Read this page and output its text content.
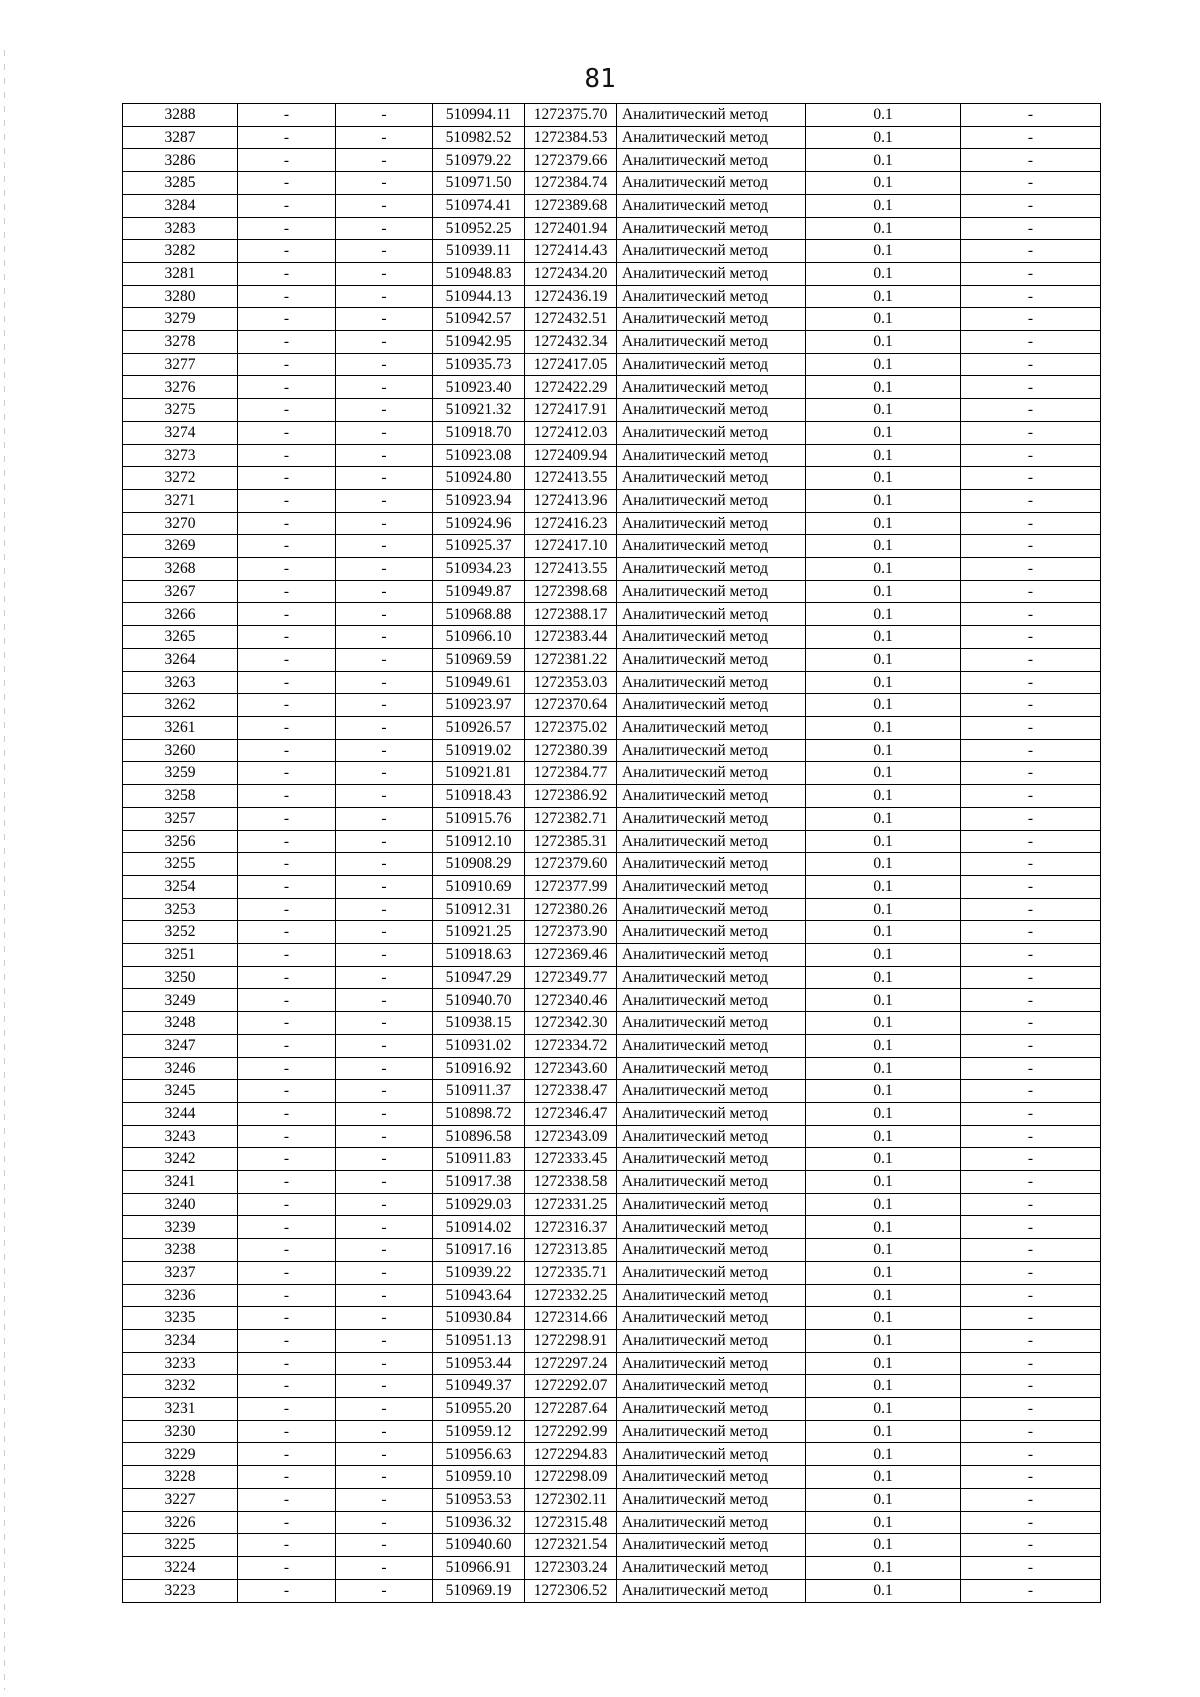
81
3288	-	-	510994.11	1272375.70	Аналитический метод	0.1	-
3287	-	-	510982.52	1272384.53	Аналитический метод	0.1	-
3286	-	-	510979.22	1272379.66	Аналитический метод	0.1	-
3285	-	-	510971.50	1272384.74	Аналитический метод	0.1	-
3284	-	-	510974.41	1272389.68	Аналитический метод	0.1	-
3283	-	-	510952.25	1272401.94	Аналитический метод	0.1	-
3282	-	-	510939.11	1272414.43	Аналитический метод	0.1	-
3281	-	-	510948.83	1272434.20	Аналитический метод	0.1	-
3280	-	-	510944.13	1272436.19	Аналитический метод	0.1	-
3279	-	-	510942.57	1272432.51	Аналитический метод	0.1	-
3278	-	-	510942.95	1272432.34	Аналитический метод	0.1	-
3277	-	-	510935.73	1272417.05	Аналитический метод	0.1	-
3276	-	-	510923.40	1272422.29	Аналитический метод	0.1	-
3275	-	-	510921.32	1272417.91	Аналитический метод	0.1	-
3274	-	-	510918.70	1272412.03	Аналитический метод	0.1	-
3273	-	-	510923.08	1272409.94	Аналитический метод	0.1	-
3272	-	-	510924.80	1272413.55	Аналитический метод	0.1	-
3271	-	-	510923.94	1272413.96	Аналитический метод	0.1	-
3270	-	-	510924.96	1272416.23	Аналитический метод	0.1	-
3269	-	-	510925.37	1272417.10	Аналитический метод	0.1	-
3268	-	-	510934.23	1272413.55	Аналитический метод	0.1	-
3267	-	-	510949.87	1272398.68	Аналитический метод	0.1	-
3266	-	-	510968.88	1272388.17	Аналитический метод	0.1	-
3265	-	-	510966.10	1272383.44	Аналитический метод	0.1	-
3264	-	-	510969.59	1272381.22	Аналитический метод	0.1	-
3263	-	-	510949.61	1272353.03	Аналитический метод	0.1	-
3262	-	-	510923.97	1272370.64	Аналитический метод	0.1	-
3261	-	-	510926.57	1272375.02	Аналитический метод	0.1	-
3260	-	-	510919.02	1272380.39	Аналитический метод	0.1	-
3259	-	-	510921.81	1272384.77	Аналитический метод	0.1	-
3258	-	-	510918.43	1272386.92	Аналитический метод	0.1	-
3257	-	-	510915.76	1272382.71	Аналитический метод	0.1	-
3256	-	-	510912.10	1272385.31	Аналитический метод	0.1	-
3255	-	-	510908.29	1272379.60	Аналитический метод	0.1	-
3254	-	-	510910.69	1272377.99	Аналитический метод	0.1	-
3253	-	-	510912.31	1272380.26	Аналитический метод	0.1	-
3252	-	-	510921.25	1272373.90	Аналитический метод	0.1	-
3251	-	-	510918.63	1272369.46	Аналитический метод	0.1	-
3250	-	-	510947.29	1272349.77	Аналитический метод	0.1	-
3249	-	-	510940.70	1272340.46	Аналитический метод	0.1	-
3248	-	-	510938.15	1272342.30	Аналитический метод	0.1	-
3247	-	-	510931.02	1272334.72	Аналитический метод	0.1	-
3246	-	-	510916.92	1272343.60	Аналитический метод	0.1	-
3245	-	-	510911.37	1272338.47	Аналитический метод	0.1	-
3244	-	-	510898.72	1272346.47	Аналитический метод	0.1	-
3243	-	-	510896.58	1272343.09	Аналитический метод	0.1	-
3242	-	-	510911.83	1272333.45	Аналитический метод	0.1	-
3241	-	-	510917.38	1272338.58	Аналитический метод	0.1	-
3240	-	-	510929.03	1272331.25	Аналитический метод	0.1	-
3239	-	-	510914.02	1272316.37	Аналитический метод	0.1	-
3238	-	-	510917.16	1272313.85	Аналитический метод	0.1	-
3237	-	-	510939.22	1272335.71	Аналитический метод	0.1	-
3236	-	-	510943.64	1272332.25	Аналитический метод	0.1	-
3235	-	-	510930.84	1272314.66	Аналитический метод	0.1	-
3234	-	-	510951.13	1272298.91	Аналитический метод	0.1	-
3233	-	-	510953.44	1272297.24	Аналитический метод	0.1	-
3232	-	-	510949.37	1272292.07	Аналитический метод	0.1	-
3231	-	-	510955.20	1272287.64	Аналитический метод	0.1	-
3230	-	-	510959.12	1272292.99	Аналитический метод	0.1	-
3229	-	-	510956.63	1272294.83	Аналитический метод	0.1	-
3228	-	-	510959.10	1272298.09	Аналитический метод	0.1	-
3227	-	-	510953.53	1272302.11	Аналитический метод	0.1	-
3226	-	-	510936.32	1272315.48	Аналитический метод	0.1	-
3225	-	-	510940.60	1272321.54	Аналитический метод	0.1	-
3224	-	-	510966.91	1272303.24	Аналитический метод	0.1	-
3223	-	-	510969.19	1272306.52	Аналитический метод	0.1	-
